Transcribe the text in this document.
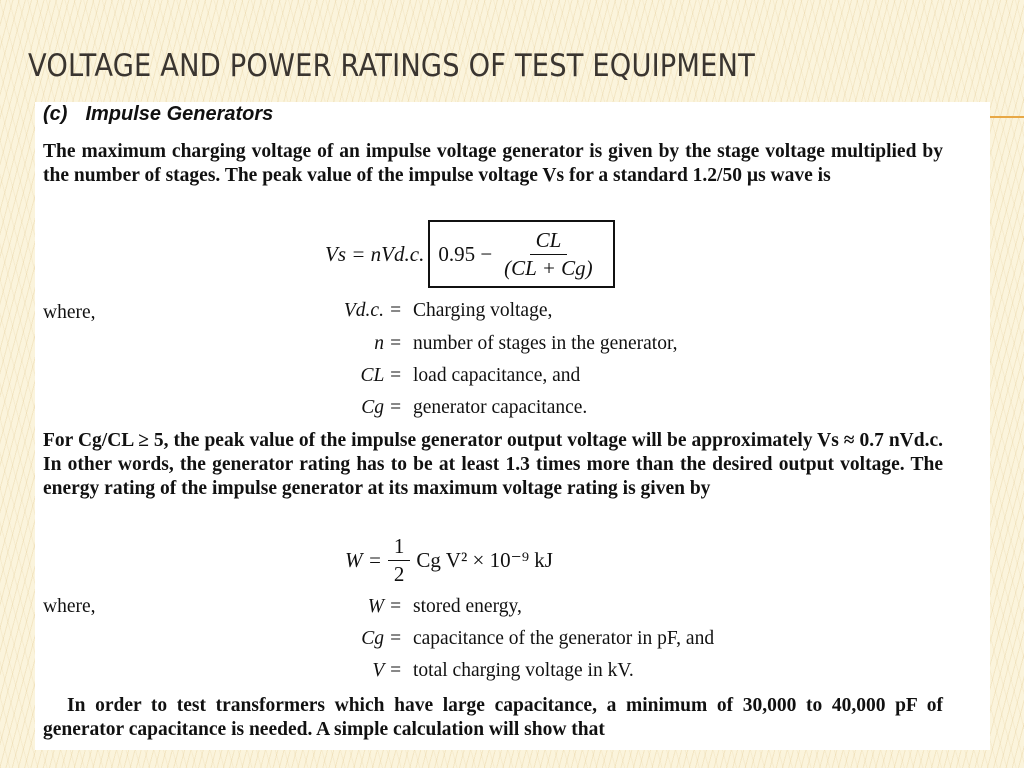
VOLTAGE AND POWER RATINGS OF TEST EQUIPMENT
(c) Impulse Generators

The maximum charging voltage of an impulse voltage generator is given by the stage voltage multiplied by the number of stages. The peak value of the impulse voltage Vs for a standard 1.2/50 µs wave is

Vs = nVd.c. $0.95 - \frac{CL}{(CL + Cg)}$
where,	Vd.c. = Charging voltage,
n = number of stages in the generator,
CL = load capacitance, and
Cg = generator capacitance.

For Cg/CL ≥ 5, the peak value of the impulse generator output voltage will be approximately Vs ≈ 0.7 nVd.c. In other words, the generator rating has to be at least 1.3 times more than the desired output voltage. The energy rating of the impulse generator at its maximum voltage rating is given by

$W = \frac{1}{2}$ Cg V² × 10⁻⁹ kJ
where,	W = stored energy,
Cg = capacitance of the generator in pF, and
V = total charging voltage in kV.

In order to test transformers which have large capacitance, a minimum of 30,000 to 40,000 pF of generator capacitance is needed. A simple calculation will show that
